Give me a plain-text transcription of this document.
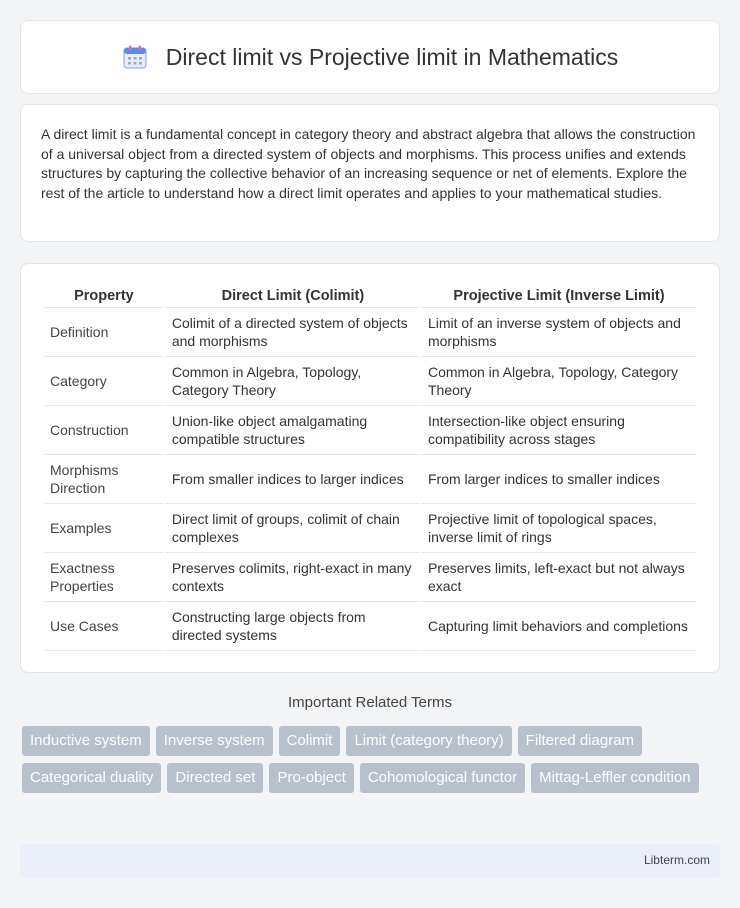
Direct limit vs Projective limit in Mathematics

A direct limit is a fundamental concept in category theory and abstract algebra that allows the construction of a universal object from a directed system of objects and morphisms. This process unifies and extends structures by capturing the collective behavior of an increasing sequence or net of elements. Explore the rest of the article to understand how a direct limit operates and applies to your mathematical studies.

Property	Direct Limit (Colimit)	Projective Limit (Inverse Limit)
Definition	Colimit of a directed system of objects and morphisms	Limit of an inverse system of objects and morphisms
Category	Common in Algebra, Topology, Category Theory	Common in Algebra, Topology, Category Theory
Construction	Union-like object amalgamating compatible structures	Intersection-like object ensuring compatibility across stages
Morphisms Direction	From smaller indices to larger indices	From larger indices to smaller indices
Examples	Direct limit of groups, colimit of chain complexes	Projective limit of topological spaces, inverse limit of rings
Exactness Properties	Preserves colimits, right-exact in many contexts	Preserves limits, left-exact but not always exact
Use Cases	Constructing large objects from directed systems	Capturing limit behaviors and completions
Important Related Terms
Inductive system	Inverse system	Colimit	Limit (category theory)	Filtered diagram
Categorical duality	Directed set	Pro-object	Cohomological functor	Mittag-Leffler condition
Libterm.com
